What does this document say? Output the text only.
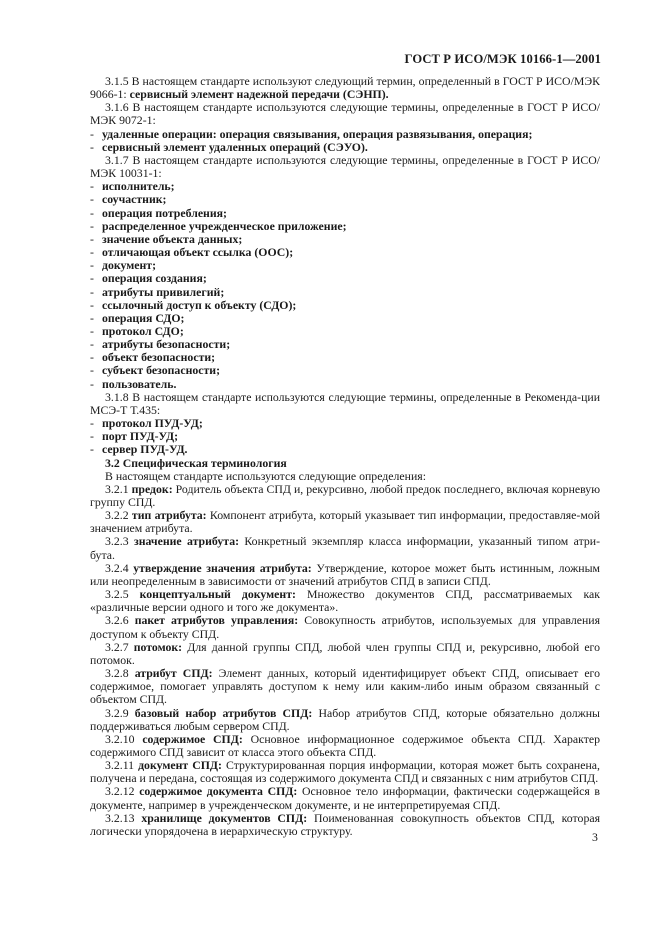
ГОСТ Р ИСО/МЭК 10166-1—2001
3.1.5 В настоящем стандарте используют следующий термин, определенный в ГОСТ Р ИСО/МЭК 9066-1: сервисный элемент надежной передачи (СЭНП).
3.1.6 В настоящем стандарте используются следующие термины, определенные в ГОСТ Р ИСО/МЭК 9072-1:
- удаленные операции: операция связывания, операция развязывания, операция;
- сервисный элемент удаленных операций (СЭУО).
3.1.7 В настоящем стандарте используются следующие термины, определенные в ГОСТ Р ИСО/МЭК 10031-1:
- исполнитель;
- соучастник;
- операция потребления;
- распределенное учрежденческое приложение;
- значение объекта данных;
- отличающая объект ссылка (ООС);
- документ;
- операция создания;
- атрибуты привилегий;
- ссылочный доступ к объекту (СДО);
- операция СДО;
- протокол СДО;
- атрибуты безопасности;
- объект безопасности;
- субъект безопасности;
- пользователь.
3.1.8 В настоящем стандарте используются следующие термины, определенные в Рекоменда-ции МСЭ-Т Т.435:
- протокол ПУД-УД;
- порт ПУД-УД;
- сервер ПУД-УД.
3.2 Специфическая терминология
В настоящем стандарте используются следующие определения:
3.2.1 предок: Родитель объекта СПД и, рекурсивно, любой предок последнего, включая корневую группу СПД.
3.2.2 тип атрибута: Компонент атрибута, который указывает тип информации, предоставляе-мой значением атрибута.
3.2.3 значение атрибута: Конкретный экземпляр класса информации, указанный типом атри-бута.
3.2.4 утверждение значения атрибута: Утверждение, которое может быть истинным, ложным или неопределенным в зависимости от значений атрибутов СПД в записи СПД.
3.2.5 концептуальный документ: Множество документов СПД, рассматриваемых как «различные версии одного и того же документа».
3.2.6 пакет атрибутов управления: Совокупность атрибутов, используемых для управления доступом к объекту СПД.
3.2.7 потомок: Для данной группы СПД, любой член группы СПД и, рекурсивно, любой его потомок.
3.2.8 атрибут СПД: Элемент данных, который идентифицирует объект СПД, описывает его содержимое, помогает управлять доступом к нему или каким-либо иным образом связанный с объектом СПД.
3.2.9 базовый набор атрибутов СПД: Набор атрибутов СПД, которые обязательно должны поддерживаться любым сервером СПД.
3.2.10 содержимое СПД: Основное информационное содержимое объекта СПД. Характер содержимого СПД зависит от класса этого объекта СПД.
3.2.11 документ СПД: Структурированная порция информации, которая может быть сохранена, получена и передана, состоящая из содержимого документа СПД и связанных с ним атрибутов СПД.
3.2.12 содержимое документа СПД: Основное тело информации, фактически содержащейся в документе, например в учрежденческом документе, и не интерпретируемая СПД.
3.2.13 хранилище документов СПД: Поименованная совокупность объектов СПД, которая логически упорядочена в иерархическую структуру.	3
